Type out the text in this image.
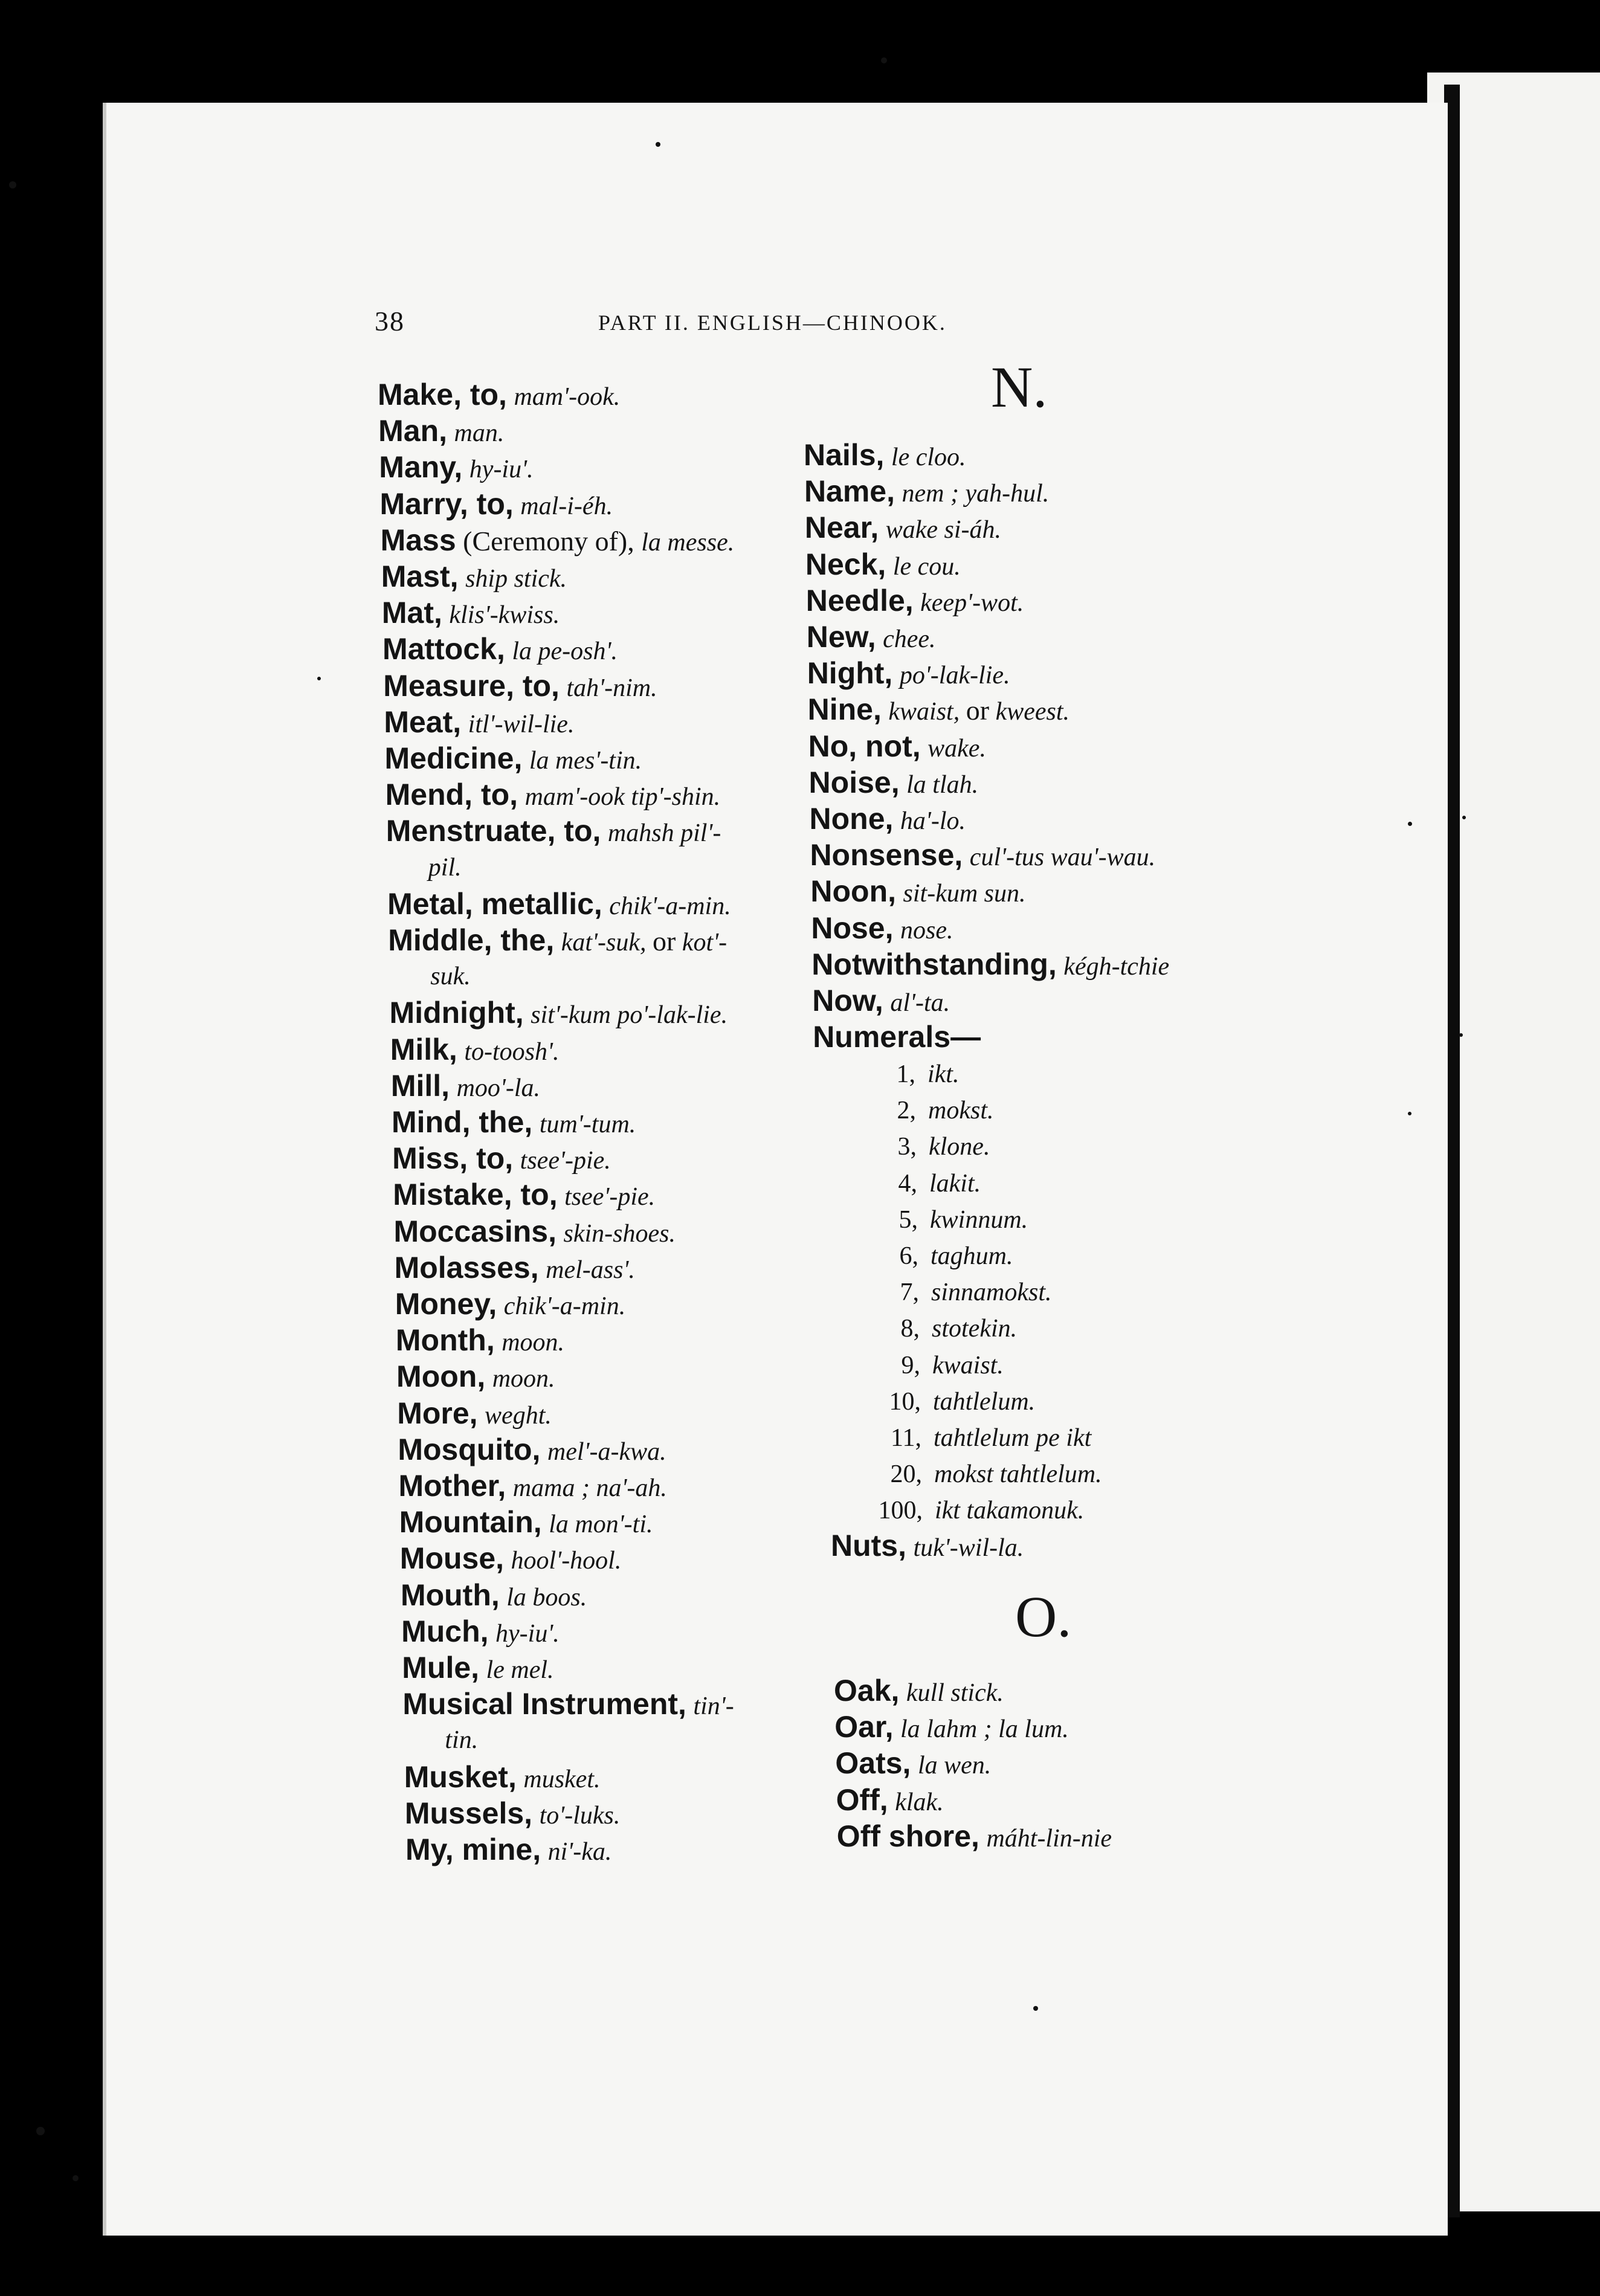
38	PART II. ENGLISH—CHINOOK.
N.
O.
Make, to, mam'-ook.
Man, man.
Many, hy-iu'.
Marry, to, mal-i-éh.
Mass (Ceremony of), la messe.
Mast, ship stick.
Mat, klis'-kwiss.
Mattock, la pe-osh'.
Measure, to, tah'-nim.
Meat, itl'-wil-lie.
Medicine, la mes'-tin.
Mend, to, mam'-ook tip'-shin.
Menstruate, to, mahsh pil'-
pil.
Metal, metallic, chik'-a-min.
Middle, the, kat'-suk, or kot'-
suk.
Midnight, sit'-kum po'-lak-lie.
Milk, to-toosh'.
Mill, moo'-la.
Mind, the, tum'-tum.
Miss, to, tsee'-pie.
Mistake, to, tsee'-pie.
Moccasins, skin-shoes.
Molasses, mel-ass'.
Money, chik'-a-min.
Month, moon.
Moon, moon.
More, weght.
Mosquito, mel'-a-kwa.
Mother, mama ; na'-ah.
Mountain, la mon'-ti.
Mouse, hool'-hool.
Mouth, la boos.
Much, hy-iu'.
Mule, le mel.
Musical Instrument, tin'-
tin.
Musket, musket.
Mussels, to'-luks.
My, mine, ni'-ka.
Nails, le cloo.
Name, nem ; yah-hul.
Near, wake si-áh.
Neck, le cou.
Needle, keep'-wot.
New, chee.
Night, po'-lak-lie.
Nine, kwaist, or kweest.
No, not, wake.
Noise, la tlah.
None, ha'-lo.
Nonsense, cul'-tus wau'-wau.
Noon, sit-kum sun.
Nose, nose.
Notwithstanding, kégh-tchie
Now, al'-ta.
Numerals—
1, ikt.
2, mokst.
3, klone.
4, lakit.
5, kwinnum.
6, taghum.
7, sinnamokst.
8, stotekin.
9, kwaist.
10, tahtlelum.
11, tahtlelum pe ikt
20, mokst tahtlelum.
100, ikt takamonuk.
Nuts, tuk'-wil-la.
Oak, kull stick.
Oar, la lahm ; la lum.
Oats, la wen.
Off, klak.
Off shore, máht-lin-nie
